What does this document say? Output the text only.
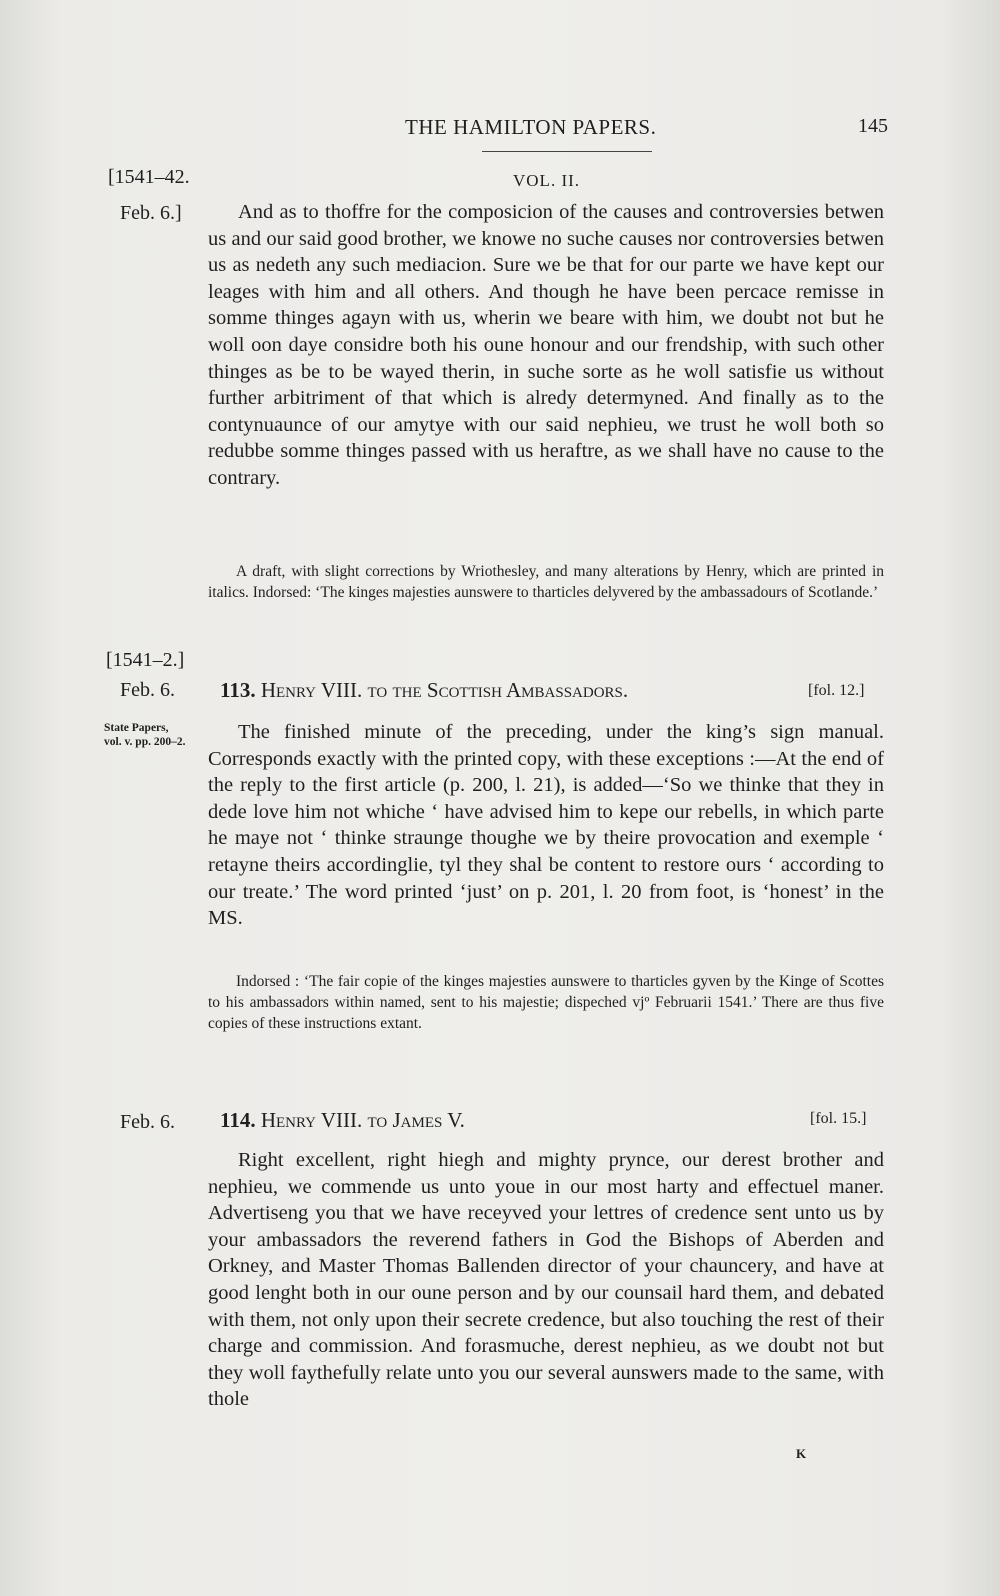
THE HAMILTON PAPERS.	145
[1541–42.	VOL. II.
Feb. 6.]	And as to thoffre for the composicion of the causes and controversies betwen us and our said good brother, we knowe no suche causes nor controversies betwen us as nedeth any such mediacion. Sure we be that for our parte we have kept our leages with him and all others. And though he have been percace remisse in somme thinges agayn with us, wherin we beare with him, we doubt not but he woll oon daye considre both his oune honour and our frendship, with such other thinges as be to be wayed therin, in suche sorte as he woll satisfie us without further arbitriment of that which is alredy determyned. And finally as to the contynuaunce of our amytye with our said nephieu, we trust he woll both so redubbe somme thinges passed with us heraftre, as we shall have no cause to the contrary.

A draft, with slight corrections by Wriothesley, and many alterations by Henry, which are printed in italics. Indorsed: ‘The kinges majesties aunswere to tharticles delyvered by the ambassadours of Scotlande.’

[1541–2.]
Feb. 6. 113. Henry VIII. to the Scottish Ambassadors.	[fol. 12.]
State Papers,
vol. v. pp. 200–2.	The finished minute of the preceding, under the king’s sign manual. Corresponds exactly with the printed copy, with these exceptions :—At the end of the reply to the first article (p. 200, l. 21), is added—‘So we thinke that they in dede love him not whiche ‘ have advised him to kepe our rebells, in which parte he maye not ‘ thinke straunge thoughe we by theire provocation and exemple ‘ retayne theirs accordinglie, tyl they shal be content to restore ours ‘ according to our treate.’ The word printed ‘just’ on p. 201, l. 20 from foot, is ‘honest’ in the MS.

Indorsed : ‘The fair copie of the kinges majesties aunswere to tharticles gyven by the Kinge of Scottes to his ambassadors within named, sent to his majestie; dispeched vjº Februarii 1541.’ There are thus five copies of these instructions extant.

Feb. 6. 114. Henry VIII. to James V.	[fol. 15.]

Right excellent, right hiegh and mighty prynce, our derest brother and nephieu, we commende us unto youe in our most harty and effectuel maner. Advertiseng you that we have receyved your lettres of credence sent unto us by your ambassadors the reverend fathers in God the Bishops of Aberden and Orkney, and Master Thomas Ballenden director of your chauncery, and have at good lenght both in our oune person and by our counsail hard them, and debated with them, not only upon their secrete credence, but also touching the rest of their charge and commission. And forasmuche, derest nephieu, as we doubt not but they woll faythefully relate unto you our several aunswers made to the same, with thole

K
